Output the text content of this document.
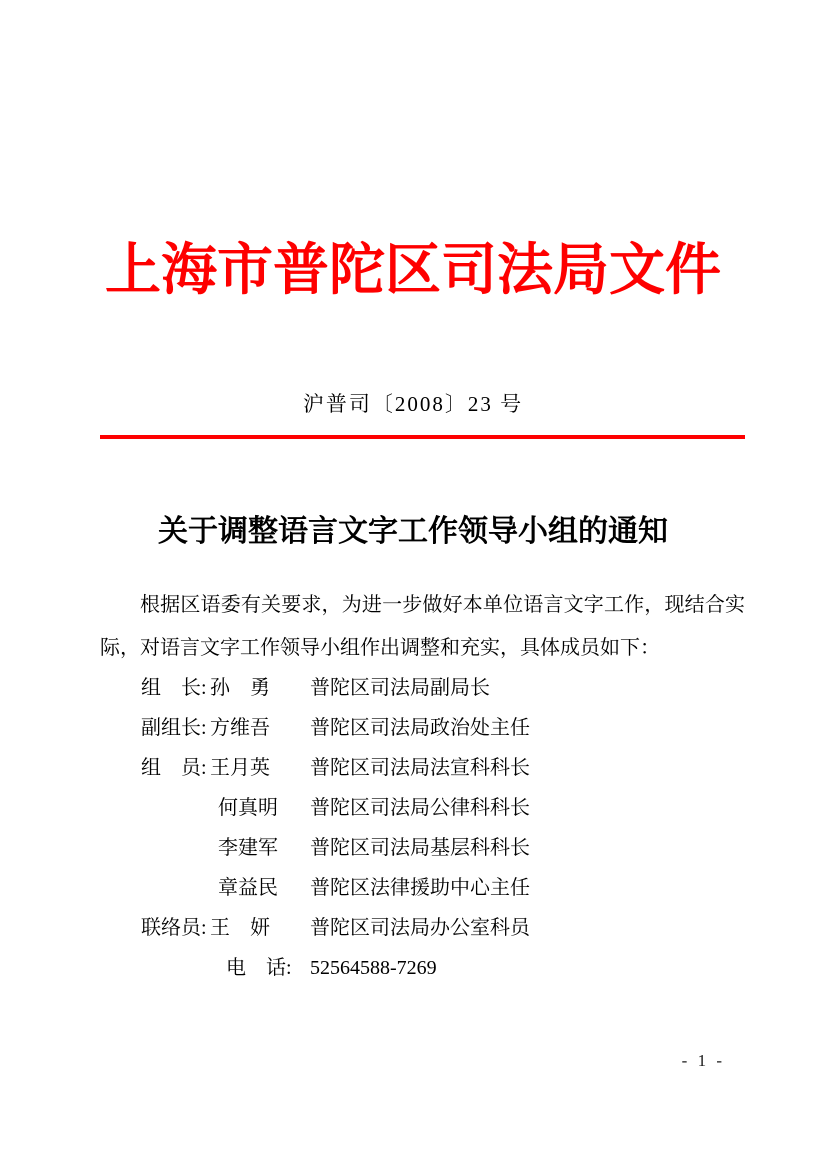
上海市普陀区司法局文件
沪普司〔2008〕23 号
关于调整语言文字工作领导小组的通知
根据区语委有关要求，为进一步做好本单位语言文字工作，现结合实际，对语言文字工作领导小组作出调整和充实，具体成员如下：
组　长: 孙　勇 普陀区司法局副局长
副组长: 方维吾 普陀区司法局政治处主任
组　员: 王月英 普陀区司法局法宣科科长
何真明 普陀区司法局公律科科长
李建军 普陀区司法局基层科科长
章益民 普陀区法律援助中心主任
联络员: 王　妍 普陀区司法局办公室科员
电　话: 52564588-7269
- 1 -
